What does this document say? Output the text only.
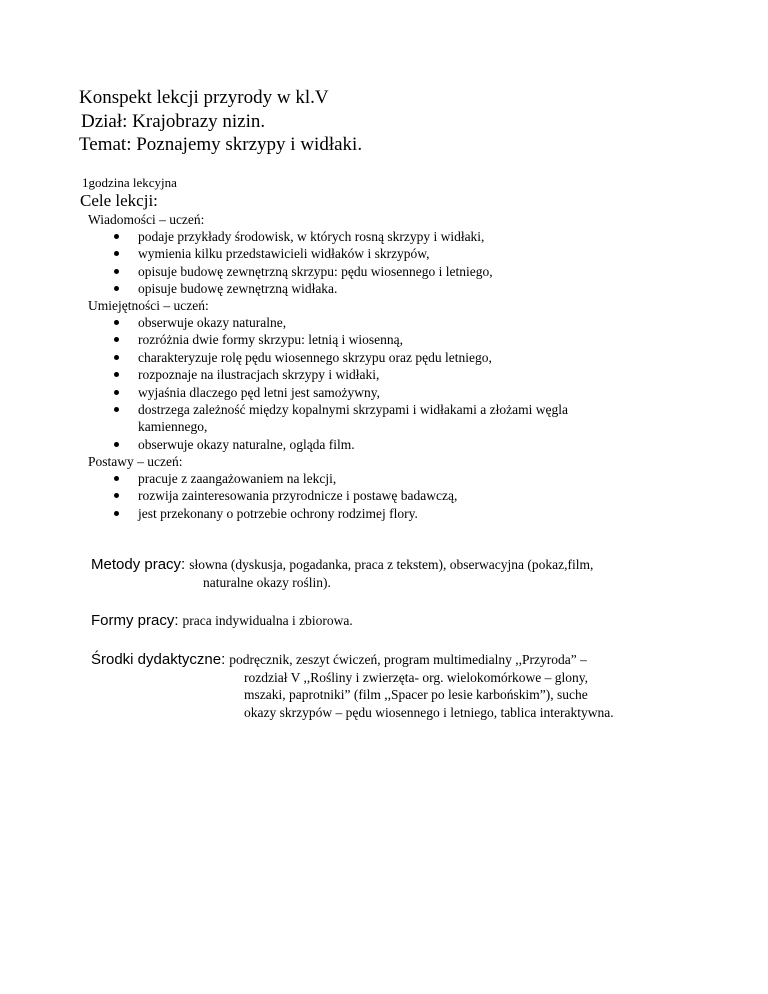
Konspekt lekcji przyrody w kl.V
Dział: Krajobrazy nizin.
Temat: Poznajemy skrzypy i widłaki.
1godzina lekcyjna
Cele lekcji:
Wiadomości – uczeń:
podaje przykłady środowisk, w których rosną skrzypy i widłaki,
wymienia kilku przedstawicieli widłaków i skrzypów,
opisuje budowę zewnętrzną skrzypu: pędu wiosennego i letniego,
opisuje budowę zewnętrzną widłaka.
Umiejętności – uczeń:
obserwuje okazy naturalne,
rozróżnia dwie formy skrzypu: letnią i wiosenną,
charakteryzuje rolę pędu wiosennego skrzypu oraz pędu letniego,
rozpoznaje na ilustracjach skrzypy i widłaki,
wyjaśnia dlaczego pęd letni jest samożywny,
dostrzega zależność między kopalnymi skrzypami i widłakami a złożami węgla kamiennego,
obserwuje okazy naturalne, ogląda film.
Postawy – uczeń:
pracuje z zaangażowaniem na lekcji,
rozwija zainteresowania przyrodnicze i postawę badawczą,
jest przekonany o potrzebie ochrony rodzimej flory.
Metody pracy: słowna (dyskusja, pogadanka, praca z tekstem), obserwacyjna (pokaz,film,
naturalne okazy roślin).
Formy pracy: praca indywidualna i zbiorowa.
Środki dydaktyczne: podręcznik, zeszyt ćwiczeń, program multimedialny ,,Przyroda” –
rozdział V ,,Rośliny i zwierzęta- org. wielokomórkowe – glony,
mszaki, paprotniki” (film ,,Spacer po lesie karbońskim”), suche
okazy skrzypów – pędu wiosennego i letniego, tablica interaktywna.
